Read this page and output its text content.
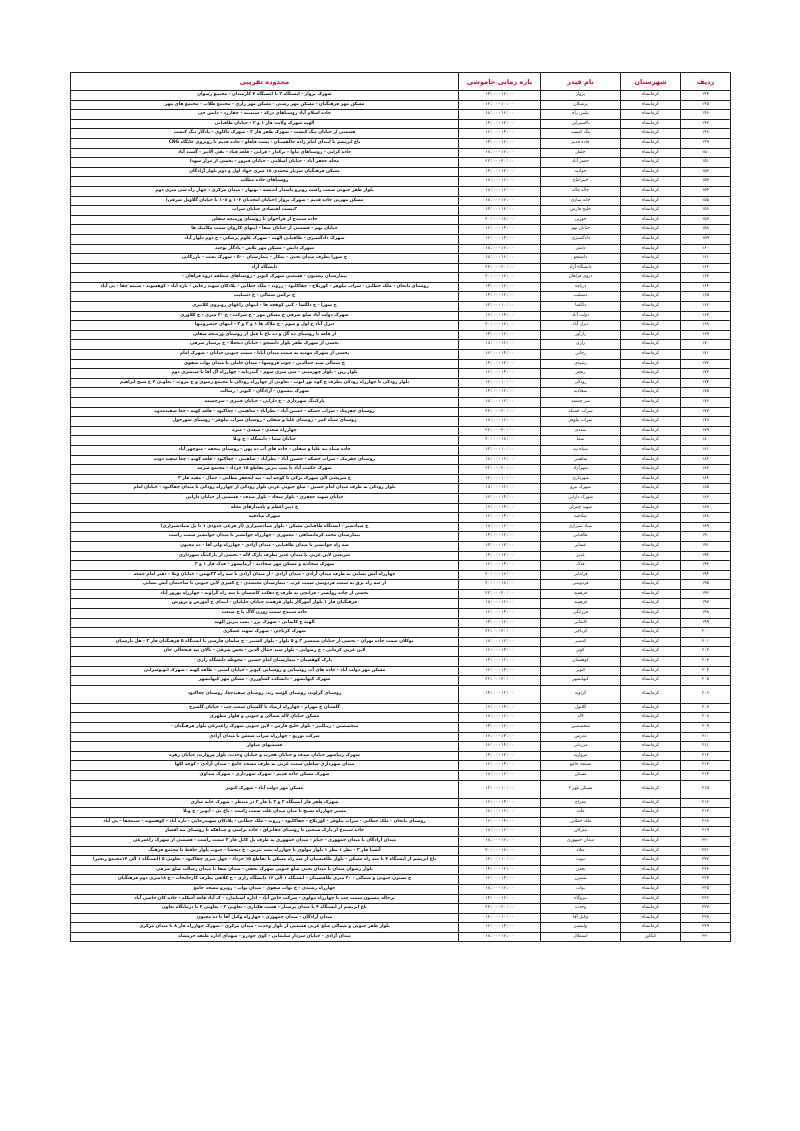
ردیف	شهرستان	نام فیدر	بازه زمانی خاموشی	محدوده تقریبی
۱۴۴	کرمانشاه	پرواز	۱۴:۰۰-۱۲:۰۰	شهرک پرواز - ایستگاه ۲ تا ایستگاه ۴ کارمندان - مجتمع رضوان
۱۴۵	کرمانشاه	پزشکان	۱۲:۰۰-۱۰:۰۰	مسکن مهر فرهنگیان - مسکن مهر رشتی - مسکن مهر رازی - مجتمع طلاب - مجتمع های مهر
۱۴۶	کرمانشاه	پلیس راه	۱۸:۰۰-۱۶:۰۰	جاده اسلام آباد روستاهای درکه - سیمینه - چقازرد - دانش جی
۱۴۷	کرمانشاه	تاکسیرانی	۱۴:۰۰-۱۲:۰۰	الهیه شهرک ولایت فاز ۱ و ۲ - خیابان طاقبانی
۱۴۸	کرمانشاه	تنگ کنشت	۱۶:۰۰-۱۴:۰۰	قسمتی از خیابان تنگ کنشت - شهرک ظفر فاز ۳ - شهرک تاکاوی - یادگار تنگ کنشت
۱۴۹	کرمانشاه	جاده قدیم	۱۴:۰۰-۱۲:۰۰	باغ ابریشم تا ابتدای امام زاده خالقستان - پشت قافلو - جاده قدیم تا روبروی جایگاه CNG
۱۵۰	کرمانشاه	جلفار	۱۸:۰۰-۱۶:۰۰	جاده کرانی - روستاهای ماوا - برکدار - قرانی - قلعه قیاد - نقی الاتیر - گسند آباد
۱۵۱	کرمانشاه	جعفر آباد	۲۲:۰۰-۲۰:۰۰	محله جعفر آباد - خیابان اسلامی - خیابان فیروز - بخشی از مزار شهدا
۱۵۲	کرمانشاه	جوادیه	۱۴:۰۰-۱۲:۰۰	مسکن فرهنگیان سرباز محمدی ۱۸ متری جهاد اول و دوم بلوار آزادگان
۱۵۳	کرمانشاه	حبیرانتاج	۱۸:۰۰-۱۶:۰۰	روستاهای جاده مطلب
۱۵۴	کرمانشاه	چاله چاله	۱۸:۰۰-۱۶:۰۰	بلوار ظفر جنوبی سمت راست روبرو پاسدار اندیشه - نوبهار - میدان مرکزی - چهار راه سی متری دوم
۱۵۵	کرمانشاه	خانه سازی	۱۸:۰۰-۱۶:۰۰	مسکن مهرنی جاده قدیم - شهرک پرواز (خیابان امجدیان ۱۰۶ و ۱۰۸ تا خیابان گلاویل شرقی)
۱۵۶	کرمانشاه	خلیج فارس	۱۴:۰۰-۱۲:۰۰	۲بیست اقتصادی خیابان سراب
۱۵۷	کرمانشاه	خورین	۲۰:۰۰-۱۸:۰۰	جاده سنندج از فراخوان تا روستای ورمنجه سفلی
۱۵۸	کرمانشاه	خیابان نهم	۱۶:۰۰-۱۴:۰۰	خیابان نهم - قسمتی از خیابان صفا - انتهای کاروان سمت مکانیک ها
۱۵۹	کرمانشاه	دادگستری	۱۶:۰۰-۱۴:۰۰	شهرک دادگستری - طاقبانی الهیه - شهرک علوم پزشکی - خ دوم دلوار آباد
۱۶۰	کرمانشاه	دانش	۱۸:۰۰-۱۶:۰۰	شهرک دانش - مسکن مهر تلاش - یادگار توحید
۱۶۱	کرمانشاه	دانشجو	۱۸:۰۰-۱۶:۰۰	خ شورا بطرف میدان تختی - تمکار - بیمارستان ۵۰۰ - شهرک بعثت - بازرگانی
۱۶۲	کرمانشاه	دانشگاه آزاد	۲۲:۰۰-۲۰:۰۰	دانشگاه آزاد
۱۶۳	کرمانشاه	دروی فراهان	۲۰:۰۰-۱۸:۰۰	بیمارستان بیستون - قسمتی شهرک کیوبز - روستاهای منطقه دروه فراهان -
۱۶۴	کرمانشاه	دریاچه	۱۴:۰۰-۱۲:۰۰	روستای بابخان - ملک خطابی - سراب نیلوفر - کوزیلاخ - چقاکلبود - رزوند - ملک خطابی - پلادکان شهید رجایی - تازه آباد - کوهسوند - سیمه چقا - پی آباد
۱۶۵	کرمانشاه	دستلیب	۱۴:۰۰-۱۲:۰۰	خ ترکمن شمالی - خ دستلیب
۱۶۶	کرمانشاه	دلگشا	۱۲:۰۰-۱۰:۰۰	خ شورا - خ دلگشا - کنی کوهچه ها - انتهای زاغهای روبروی کلانتری
۱۶۷	کرمانشاه	دولت آباد	۱۶:۰۰-۱۴:۰۰	شهرک دولت آباد ضلع شرقی خ مسکن مهر - خ شرکت - خ ۲۰ متری - خ کلاوری
۱۶۸	کرمانشاه	دیزل آباد	۲۰:۰۰-۱۸:۰۰	دیزل آباد خ اول و سوم - خ ملاک ها ۱ و ۲ و ۳ - انتهای چیغنرونیها
۱۶۹	کرمانشاه	راژآور	۱۴:۰۰-۱۲:۰۰	از قلعه تا روستای ده گل و ده باغ تا قبل از روستای ورمنجه سفلی
۱۷۰	کرمانشاه	رازی	۱۸:۰۰-۱۶:۰۰	بخشی از شهرک ظفر بلوار دانشجو - خیابان دنجعلا - خ پرستار شرقی
۱۷۱	کرمانشاه	رجایی	۱۶:۰۰-۱۴:۰۰	بخشی از شهرک مهدیه به سمت میدان آبانا - سمت جنوبی خیابان - شهرک امام
۱۷۲	کرمانشاه	رشیدی	۱۴:۰۰-۱۲:۰۰	خ شمالی سید جمالدین - چوب فروشها - میدان جلیلی تا میدان نواب صفوی
۱۷۳	کرمانشاه	رنجبر	۱۶:۰۰-۱۴:۰۰	بلوار زین - بلوار چهرمینی - سی متری سوم - گندزنانه - چهارراه آل آقا تا سیمتری دوم
۱۷۴	کرمانشاه	رودکی	۱۲:۰۰-۱۰:۰۰	بلوار رودکی تا چهارراه رودکی بطرف خ کوه نور ایوب - تعاونی از چهارراه رودکی تا مجتمع رضوی و خ مروت - تعاونی ۲ خ شیخ ابراهیم
۱۷۵	کرمانشاه	سجادیه	۱۴:۰۰-۱۲:۰۰	شهرک بیستون - آزادگان - کیوبز - رسالت
۱۷۶	کرمانشاه	سر چشمه	۱۸:۰۰-۱۶:۰۰	پارکینگ شهرداری - خ دارایی - خیابان قنبری - سرچشمه
۱۷۷	کرمانشاه	سراب خشکه	۲۲:۰۰-۲۰:۰۰	روستای چقرمک - سراب خشکه - حسین آباد - نظرآباد - شاهینی - چغاکبود - قلعه کهنه - چغا سفیدمدوه
۱۷۸	کرمانشاه	سراب نیلوفر	۱۸:۰۰-۱۶:۰۰	روستای سیاه کمر - روستای علیا و سفلی - روستای سراب نیلوفر - روستای شورجول
۱۷۹	کرمانشاه	سعدی	۲۲:۰۰-۲۰:۰۰	چهارراه سعدی - سعدی - منزه
۱۸۰	کرمانشاه	سما	۲۰:۰۰-۱۸:۰۰	خیابان سما - دانشگاه - خ ویلا
۱۸۱	کرمانشاه	سیاه بید	۱۲:۰۰-۱۰:۰۰	جاده سیاه بید علیا و سفلی - جاده های آب ده پهن - روستای بیجقه - منوچهر آباد
۱۸۲	کرمانشاه	شاهینی	۱۸:۰۰-۱۶:۰۰	روستای چقرمک - سراب خشکه - حسین آباد - نظرآباد - شاهینی - چغاکبود - قلعه کهنه - چغا سفید دوده
۱۸۳	کرمانشاه	شهرآزاد	۲۲:۰۰-۲۰:۰۰	شهرک حکمت آباد تا پمپ بنزین تقاطع ۱۵ خرداد - مجتمع سرمه
۱۸۴	کرمانشاه	شهرداری	۱۲:۰۰-۱۰:۰۰	خ شریعتی الی شهرک ترکی تا کوچه ابه - تپه ابجعفر مطلبی - جمال - مقید فاز ۲
۱۸۵	کرمانشاه	شهرک نیرو	۱۸:۰۰-۱۶:۰۰	بلوار رودکی به طرف میدان امام حسین - ضلع جنوبی غربی بلوار رودکی از چهارراه رودکی تا میدان چقاکبود - خیابان امام
۱۸۶	کرمانشاه	شهرک دارایی	۱۶:۰۰-۱۴:۰۰	خیابان شهید جعفری - بلوار سجاد - بلوار صدف - قسمتی از خیابان دارایی
۱۸۷	کرمانشاه	شهید چمران	۱۶:۰۰-۱۴:۰۰	خ دبیر اعظم و پاسدارهای محله
۱۸۸	کرمانشاه	صادقیه	۱۶:۰۰-۱۴:۰۰	شهرک صادقیه
۱۸۹	کرمانشاه	صیاد شیرازی	۱۸:۰۰-۱۶:۰۰	خ صیادشیر - ایستگاه طاقبانی مسکن - بلوار صیادشیرازی (از فرعی حدودی ۱ تا پل صیادشیرازی)
۱۹۰	کرمانشاه	طاقبانی	۱۴:۰۰-۱۲:۰۰	بیمارستان محمد کرمانشاهی - معموری - چهارراه جوانشیر تا میدان جوانشیر سمت راست
۱۹۱	کرمانشاه	عشایر	۱۴:۰۰-۱۲:۰۰	سه راه جوانشیر تا میدان طاقبانی - میدان آزادی - چهارراه ولی آقا - ده مجنون
۱۹۲	کرمانشاه	غدیر	۱۴:۰۰-۱۲:۰۰	شریعتی لاین غربی تا میدان غدیر بطرف پارک لاله - بخشی از پارکینگ شهرداری
۱۹۳	کرمانشاه	فدک	۱۶:۰۰-۱۴:۰۰	شهرک سجادیه و مسکن مهر سجادیه - آرمانشهر - فدک فاز ۱ و ۲
۱۹۴	کرمانشاه	فرامانی	۲۰:۰۰-۱۸:۰۰	چهارراه آتش نشانی به طرف میدان آزادی - میدان آزادی - از میدان آزادی تا سه راه ۲۲بهمن - خیابان ویلا - دفتر امام جمعه
۱۹۵	کرمانشاه	فردوسی	۲۰:۰۰-۱۸:۰۰	از سه راه برق به سمت فردوسی سمت غرب - بیمارستان معتضدی - خ کسری لاین جنوبی تا ساختمان آتش نشانی
۱۹۶	کرمانشاه	فرهمند	۲۲:۰۰-۲۰:۰۰	بخشی از جاده روانسر - فرانچی به طرف خ دهکده کاشسان تا سه راه گراونه - چهارراه نوروز آباد
۱۹۷	کرمانشاه	فرهمند	۱۸:۰۰-۱۶:۰۰	فرهنگیان فاز ۱ بلوار آموزگار بلوار فرهمند خیابان جلیلیان - ابتدای خ آموزش و پرورش
۱۹۸	کرمانشاه	فرزانگی	۱۶:۰۰-۱۴:۰۰	جاده سنندج سمت روزن گاگ تا خ صنعت
۱۹۹	کرمانشاه	کاشانی	۱۴:۰۰-۱۲:۰۰	الهیه خ کاشانی - شهرک ترز - پمپ بنزین الهیه
۲۰۰	کرمانشاه	کرناچی	۲۲:۰۰-۲۰:۰۰	شهرک کرناچی - شهرک شهید عسکری
۲۰۱	کرمانشاه	کسنبر	۱۸:۰۰-۱۶:۰۰	توکلان سمت جاده تهران - بخشی از خیابان شمشیر ۲ و ۵ بلوار - بلوار کسنبر - خ سلمان فارسی تا ایستگاه ۵ فرهنگیان فاز ۲ - هل پارسیان
۲۰۲	کرمانشاه	کوثر	۱۶:۰۰-۱۴:۰۰	لاین غربی کرمانی - خ رضوانی - بلوار سید جمال الدین - بخش شرقی - بالای تپه قنجعالی خان
۲۰۳	کرمانشاه	کوهستان	۱۴:۰۰-۱۲:۰۰	پارک کوهستان - بیمارستان امام حسین - محوطه دانشگاه رازی
۲۰۴	کرمانشاه	کیوبز	۱۶:۰۰-۱۴:۰۰	مسکن مهر دولت آباد - جاده های آب روستایی و روستایی کیوبز - خیابان امینی - طاقه کهنه - شهرک اتوبوسرانی
۲۰۵	کرمانشاه	کیهانشهر	۲۲:۰۰-۲۰:۰۰	شهرک کیهانشهر - دانشکده کشاورزی - مسکن مهر کیهانشهر
۲۰۶	کرمانشاه	گراوند	۱۴:۰۰-۱۲:۰۰	روستای گراوند، روستای کوسه زند، روستای سفیدچغا، روستای چغاکبود
۲۰۷	کرمانشاه	گلابول	۱۶:۰۰-۱۴:۰۰	گلستان خ مهرام - چهارراه ارشاد تا گلستان سمت چپ - خیابان گلسرخ
۲۰۸	کرمانشاه	لاله	۱۸:۰۰-۱۶:۰۰	مسکن خیابان لاله شمالی و جنوبی و فلوار مطهری
۲۰۹	کرمانشاه	متخصصین	۱۴:۰۰-۱۲:۰۰	متخصصین - زینالتبر - بلوار خلیج فارس - لاین جنوبی شهرک زاغمرغی بلوار فرهنگیان -
۲۱۰	کرمانشاه	مدرس	۱۶:۰۰-۱۴:۰۰	شرکت توزیع - چهارراه ضراب شمس تا میدان آزادی
۲۱۱	کرمانشاه	مرزبانی	۱۶:۰۰-۱۴:۰۰	قسمتهای میلوار
۲۱۲	کرمانشاه	مروارید	۱۴:۰۰-۱۲:۰۰	شهرک زیباشهر خیابان صدف و خیابان هجرت و خیابان وحدت، بلوار مروارید، خیابان زهره
۲۱۳	کرمانشاه	مسجد جامع	۱۶:۰۰-۱۴:۰۰	میدان شهرداری سلطی سمت غربی به طرف مسجد جامع - میدان آزادی - کوچه لکها
۲۱۴	کرمانشاه	مسکن	۱۸:۰۰-۱۶:۰۰	شهرک مسکن جاده قدیم - شهرک شهرداری - شهرک صداوی
۲۱۵	کرمانشاه	مسکن مهر ۲	۱۲:۰۰-۱۰:۰۰	مسکن مهر دولت آباد - شهرک کیوبز
۲۱۶	کرمانشاه	معراج	۱۶:۰۰-۱۴:۰۰	شهرک ظفر فاز ایستگاه ۲ و ۳ تا فاز ۲ در منتظر - شهرک خانه سازی
۲۱۷	کرمانشاه	ملت	۱۸:۰۰-۱۶:۰۰	مسیر چهارراه بسیج تا میان میدان علت سمت راست - باغ نی - ابونر - خ ویلا
۲۱۸	کرمانشاه	ملک خطابی	۱۶:۰۰-۱۴:۰۰	روستای بابخان - ملک خطابی - سراب نیلوفر - کوزیلاخ - چقاکلبود - رزوند - ملک خطابی - پلادکان شهیدرجایی - تازه آباد - کوهسوند - سیمچقا - پی آباد
۲۱۹	کرمانشاه	میرکان	۱۸:۰۰-۱۶:۰۰	جاده سنندج از پارک صنعتی تا روستای چقاتراق - جاده تراسی و سیاهکه تا روستای تپه اقشار
۲۲۰	کرمانشاه	میدان جمهوری	۱۸:۰۰-۱۶:۰۰	میدان آزادگان تا میدان جمهوری - خیام - میدان جمهوری به طرف پل کابل فاز ۲ سمت راست - قسمتی از شهرک زاغمرغی
۲۲۱	کرمانشاه	میلاد	۲۰:۰۰-۱۸:۰۰	آتشیا فاز ۳ - نظر ۱ نظر ۱ بلوار مولوی تا چهارراه پمپ بنزین - خ دبخشا - جنوب بلوار حافظ تا مجتمع فرهنگ
۲۲۲	کرمانشاه	نبوت	۱۲:۰۰-۱۰:۰۰	باغ ابریشم از ایستگاه ۴ تا سه راه مسکن - بلوار طاقبستان از سه راه مسکن تا تقاطع ۱۵ خرداد - جهل متری چقاکبود - تعاونی ۵ (ایستگاه ۱ الی ۱۴مجتمع رنجبر)
۲۲۳	کرمانشاه	نجفی	۱۴:۰۰-۱۲:۰۰	بلوار رضوان میدان تا میدان تختی ضلع جنوبی شهرک نجفی - میدان شفا تا میدان رسالت ضلع شرقی
۲۲۴	کرمانشاه	نسترن	۱۶:۰۰-۱۴:۰۰	خ نسترن جنوبی و شمالی - ۲۰ متری طاقبستان - ایستگاه ۱ الی ۱۶ دانشگاه رازی - خ کلاهی بطرف کارخانجات - خ ۱۸متری دوم فرهنگیان
۲۲۵	کرمانشاه	نواب	۱۸:۰۰-۱۶:۰۰	چهارراه رشیدی - خ نواب صفوی - میدان نواب - روبرو مسجد جامع
۲۲۶	کرمانشاه	نیروگاه	۱۴:۰۰-۱۲:۰۰	برحاله بیستون سمت چپ تا چهارراه مولوی - شرکت خاص آباد - اداره استاندارد - ک آباد قلعه آسکله - جاده کان حاصی آباد
۲۲۷	کرمانشاه	وحدت	۲۲:۰۰-۲۰:۰۰	باغ ابریشم از ایستگاه ۴ تا میدان پرستار - هشت هکتاری - تعاونی ۳ - تعاونی ۴ تا درمانگاه تعاون
۲۲۸	کرمانشاه	وکیل آقا	۱۲:۰۰-۱۰:۰۰	میدان آزادگان - میدان جمهوری - چهارراه وکیل آقا تا ده مجنون
۲۲۹	کرمانشاه	ولیعصر	۱۶:۰۰-۱۴:۰۰	بلوار ظفر جنوبی و شمالی ضلع غربی قسمتی از بلوار وحدت - میدان مرکزی - شهرک چهارراه فاز ۸ تا میدان مرکزی
۲۳۰	کنگاور	استقلال	۱۸:۰۰-۱۶:۰۰	میدان آزادی - خیابان سردار سلیمانی - کوی خودرو - شهدای اداره طبقه خرمشاه
